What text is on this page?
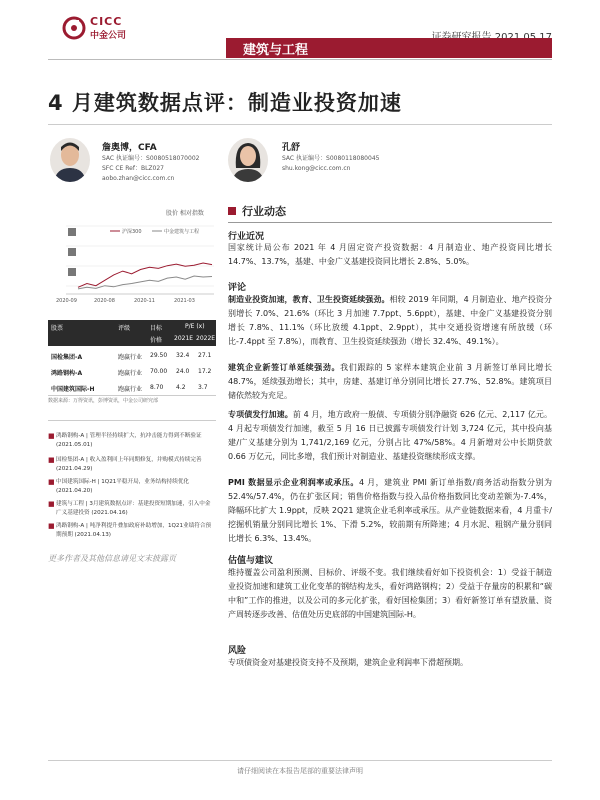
CICC
中金公司
建筑与工程
4 月建筑数据点评：制造业投资加速
詹奥博，CFA
SAC 执证编号：S0080518070002
SFC CE Ref：BLZ027
aobo.zhan@cicc.com.cn
孔舒
SAC 执证编号：S0080118080045
shu.kong@cicc.com.cn
股价 相对指数
沪深300	中金建筑与工程
2020-09	2020-08	2020-11	2021-03
股票	评级	目标	P/E (x)
价格 2021E 2022E
国检集团-A	跑赢行业 29.50 32.4 27.1
鸿路钢构-A	跑赢行业 70.00 24.0 17.2
中国建筑国际-H	跑赢行业 8.70 4.2 3.7
数据来源：万得资讯，彭博资讯，中金公司研究部
■ 鸿路钢构-A | 管理半径持续扩大，抗冲击能力得到不断验证 (2021.05.01)
■ 国检集团-A | 收入盈利回上年同期修复，并购模式持续完善 (2021.04.29)
■ 中国建筑国际-H | 1Q21平稳开局，业务结构持续优化 (2021.04.20)
■ 建筑与工程 | 3月建筑数据点评：基建投资短期加速，引入中金广义基建投资 (2021.04.16)
■ 鸿路钢构-A | 吨净利提升叠加政府补助增加，1Q21业绩符合预期预期 (2021.04.13)
更多作者及其他信息请见文末披露页
行业动态
行业近况
国家统计局公布 2021 年 4 月固定资产投资数据：4 月制造业、地产投资同比增长 14.7%、13.7%，基建、中金广义基建投资同比增长 2.8%、5.0%。
评论
制造业投资加速，教育、卫生投资延续强劲。相较 2019 年同期，4 月制造业、地产投资分别增长 7.0%、21.6%（环比 3 月加速 7.7ppt、5.6ppt），基建、中金广义基建投资分别增长 7.8%、11.1%（环比放缓 4.1ppt、2.9ppt），其中交通投资增速有所放缓（环比-7.4ppt 至 7.8%），而教育、卫生投资延续强劲（增长 32.4%、49.1%）。
建筑企业新签订单延续强劲。我们跟踪的 5 家样本建筑企业前 3 月新签订单同比增长 48.7%，延续强劲增长；其中，房建、基建订单分别同比增长 27.7%、52.8%。建筑项目储依然较为充足。
专项债发行加速。前 4 月，地方政府一般债、专项债分别净融资 626 亿元、2,117 亿元。4 月起专项债发行加速，截至 5 月 16 日已披露专项债发行计划 3,724 亿元，其中投向基建/广义基建分别为 1,741/2,169 亿元，分别占比 47%/58%。4 月新增对公中长期贷款 0.66 万亿元，同比多增，我们预计对制造业、基建投资继续形成支撑。
PMI 数据显示企业利润率或承压。4 月，建筑业 PMI 新订单指数/商务活动指数分别为 52.4%/57.4%，仍在扩张区间；销售价格指数与投入品价格指数同比变动差额为-7.4%，降幅环比扩大 1.9ppt，反映 2Q21 建筑企业毛利率或承压。从产业链数据来看，4 月重卡/挖掘机销量分别同比增长 1%、下滑 5.2%，较前期有所降速；4 月水泥、粗钢产量分别同比增长 6.3%、13.4%。
估值与建议
维持覆盖公司盈利预测、目标价、评级不变。我们继续看好如下投资机会：1）受益于制造业投资加速和建筑工业化变革的钢结构龙头，看好鸿路钢构；2）受益于存量房的积累和“碳中和”工作的推进，以及公司的多元化扩张，看好国检集团；3）看好新签订单有望放量、资产周转逐步改善、估值处历史底部的中国建筑国际-H。
风险
专项债资金对基建投资支持不及预期，建筑企业利润率下滑超预期。
请仔细阅读在本报告尾部的重要法律声明
